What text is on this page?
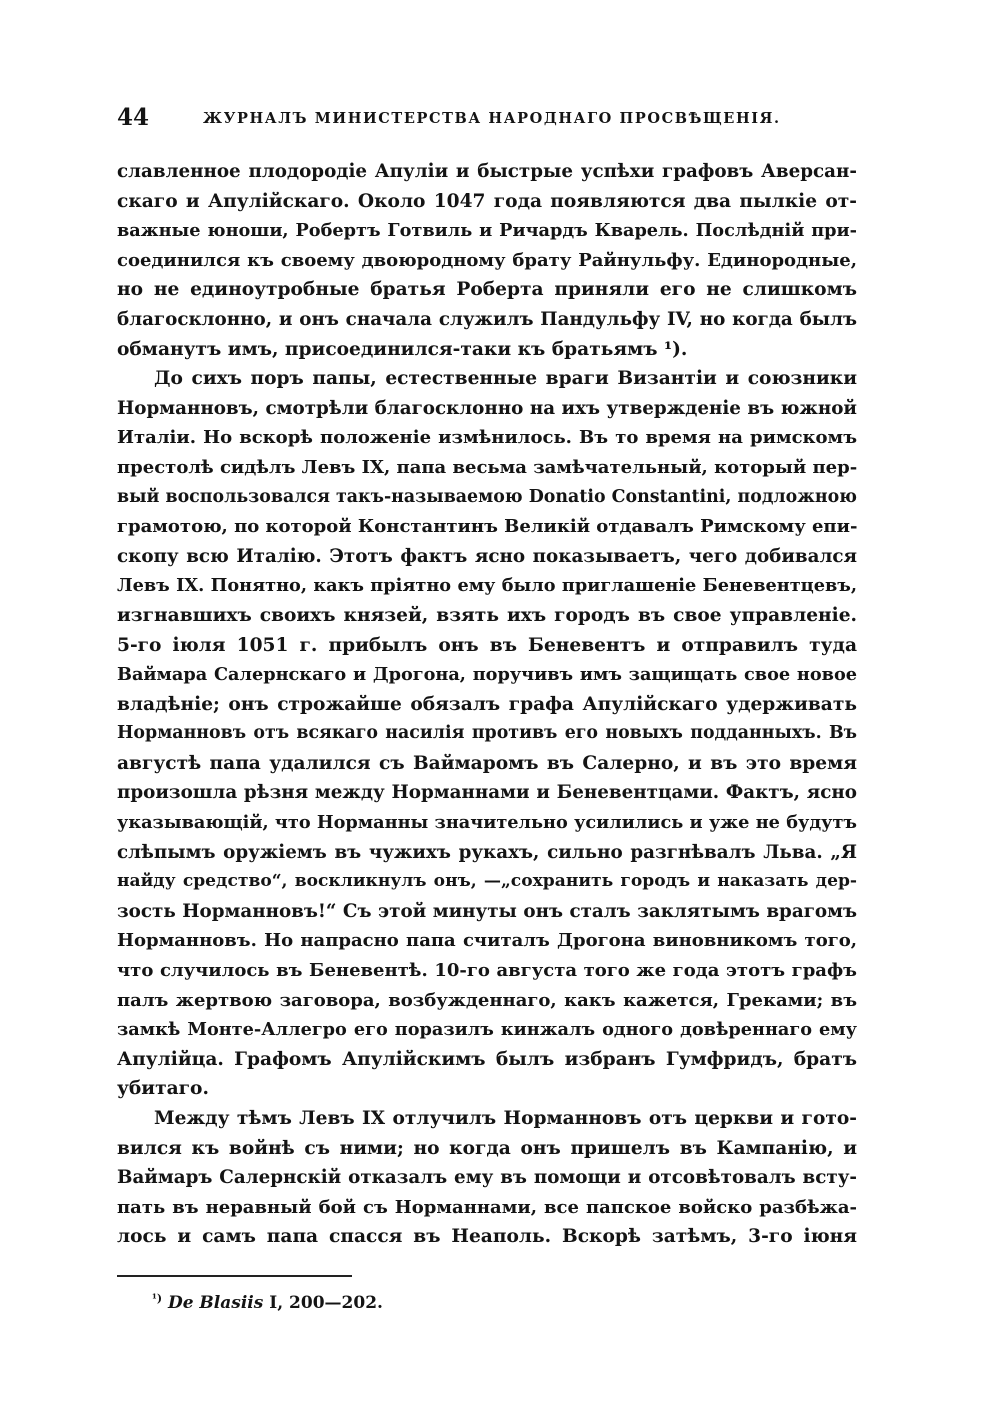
44	ЖУРНАЛЪ МИНИСТЕРСТВА НАРОДНАГО ПРОСВѢЩЕНІЯ.
славленное плодородіе Апуліи и быстрые успѣхи графовъ Аверсан-
скаго и Апулійскаго. Около 1047 года появляются два пылкіе от-
важные юноши, Робертъ Готвиль и Ричардъ Кварель. Послѣдній при-
соединился къ своему двоюродному брату Райнульфу. Единородные,
но не единоутробные братья Роберта приняли его не слишкомъ
благосклонно, и онъ сначала служилъ Пандульфу IV, но когда былъ
обманутъ имъ, присоединился-таки къ братьямъ ¹).
До сихъ поръ папы, естественные враги Византіи и союзники
Норманновъ, смотрѣли благосклонно на ихъ утвержденіе въ южной
Италіи. Но вскорѣ положеніе измѣнилось. Въ то время на римскомъ
престолѣ сидѣлъ Левъ IX, папа весьма замѣчательный, который пер-
вый воспользовался такъ-называемою Donatio Constantini, подложною
грамотою, по которой Константинъ Великій отдавалъ Римскому епи-
скопу всю Италію. Этотъ фактъ ясно показываетъ, чего добивался
Левъ IX. Понятно, какъ пріятно ему было приглашеніе Беневентцевъ,
изгнавшихъ своихъ князей, взять ихъ городъ въ свое управленіе.
5-го іюля 1051 г. прибылъ онъ въ Беневентъ и отправилъ туда
Ваймара Салернскаго и Дрогона, поручивъ имъ защищать свое новое
владѣніе; онъ строжайше обязалъ графа Апулійскаго удерживать
Норманновъ отъ всякаго насилія противъ его новыхъ подданныхъ. Въ
августѣ папа удалился съ Ваймаромъ въ Салерно, и въ это время
произошла рѣзня между Норманнами и Беневентцами. Фактъ, ясно
указывающій, что Норманны значительно усилились и уже не будутъ
слѣпымъ оружіемъ въ чужихъ рукахъ, сильно разгнѣвалъ Льва. „Я
найду средство“, воскликнулъ онъ, —„сохранить городъ и наказать дер-
зость Норманновъ!“ Съ этой минуты онъ сталъ заклятымъ врагомъ
Норманновъ. Но напрасно папа считалъ Дрогона виновникомъ того,
что случилось въ Беневентѣ. 10-го августа того же года этотъ графъ
палъ жертвою заговора, возбужденнаго, какъ кажется, Греками; въ
замкѣ Монте-Аллегро его поразилъ кинжалъ одного довѣреннаго ему
Апулійца. Графомъ Апулійскимъ былъ избранъ Гумфридъ, братъ
убитаго.
Между тѣмъ Левъ IX отлучилъ Норманновъ отъ церкви и гото-
вился къ войнѣ съ ними; но когда онъ пришелъ въ Кампанію, и
Ваймаръ Салернскій отказалъ ему въ помощи и отсовѣтовалъ всту-
пать въ неравный бой съ Норманнами, все папское войско разбѣжа-
лось и самъ папа спасся въ Неаполь. Вскорѣ затѣмъ, 3-го іюня
$^{^1)}$ De Blasiis I, 200—202.
